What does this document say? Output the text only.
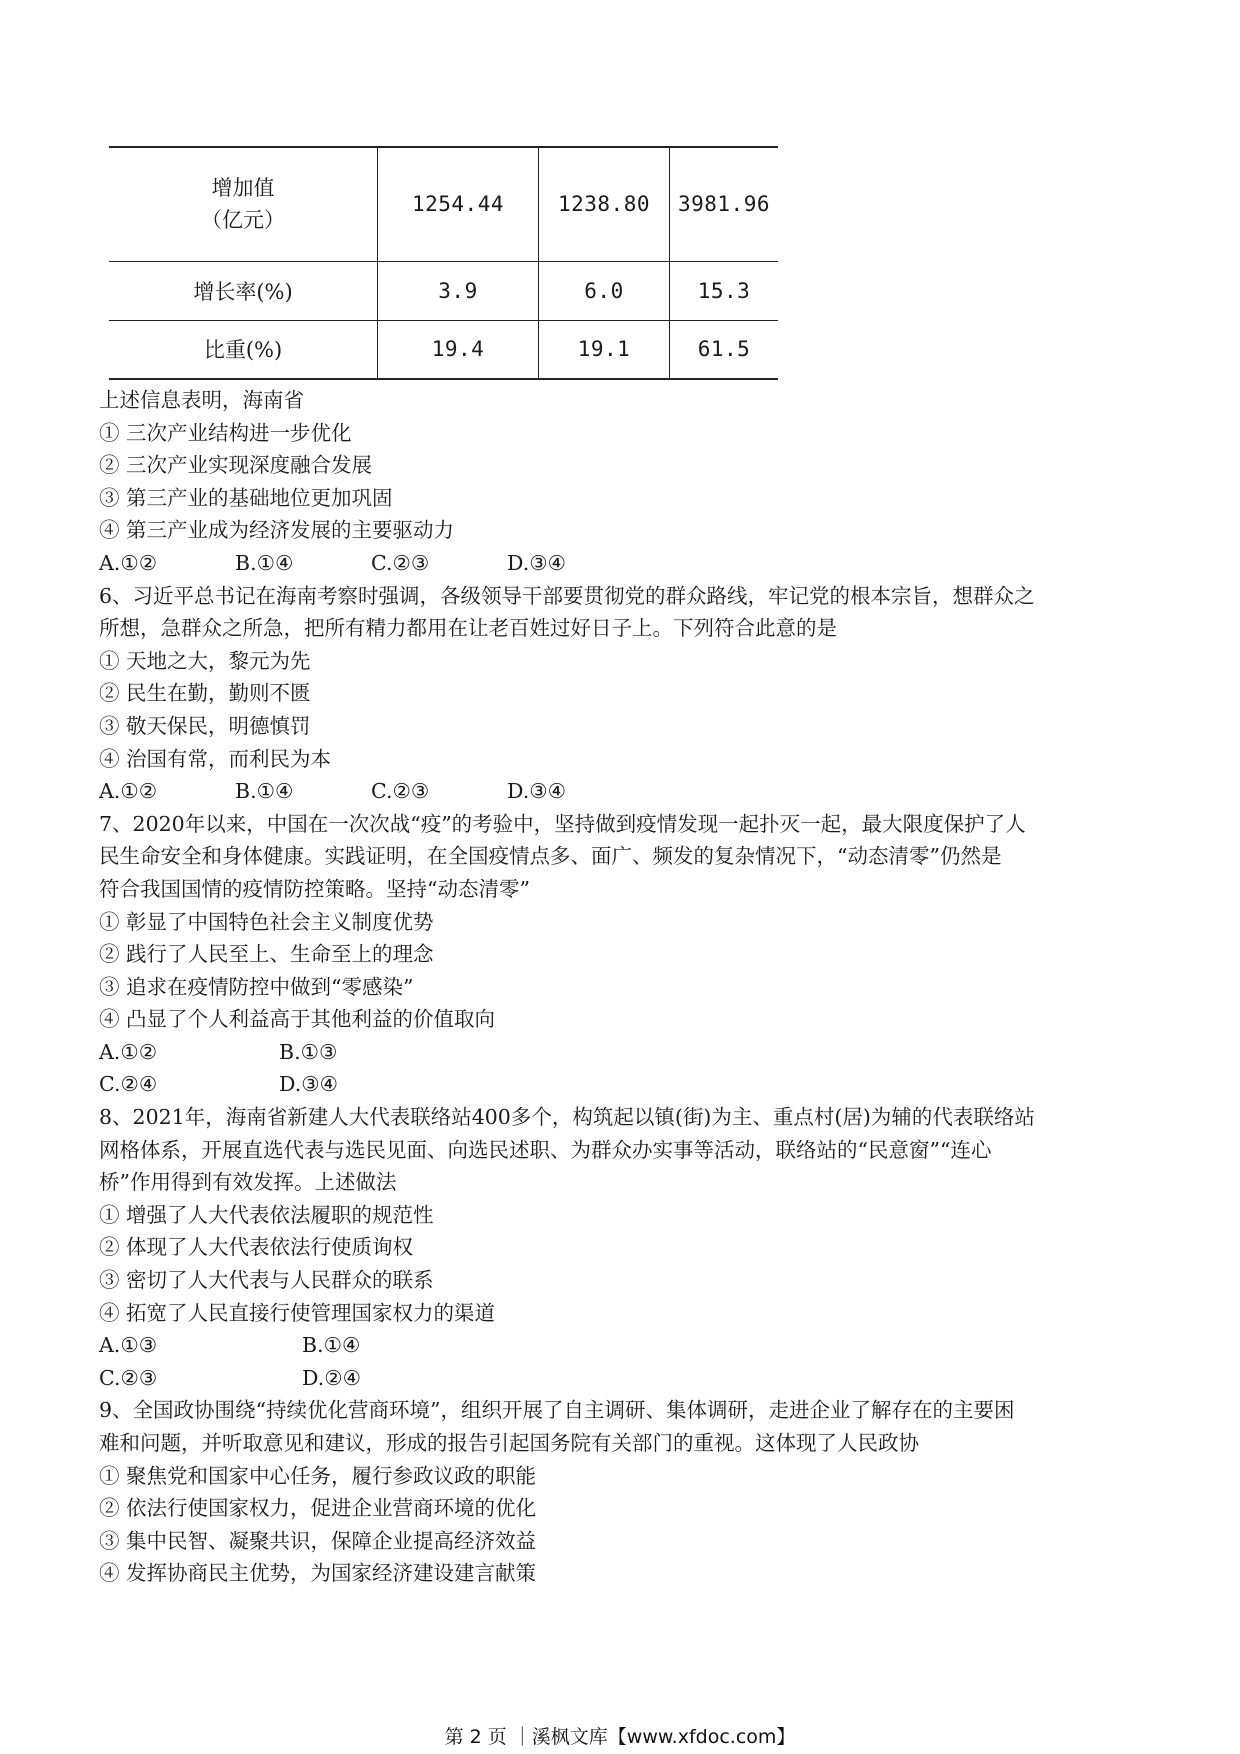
增加值
（亿元）	1254.44	1238.80	3981.96
增长率(%)	3.9	6.0	15.3
比重(%)	19.4	19.1	61.5
上述信息表明，海南省
① 三次产业结构进一步优化
② 三次产业实现深度融合发展
③ 第三产业的基础地位更加巩固
④ 第三产业成为经济发展的主要驱动力
A.①②	B.①④	C.②③	D.③④
6、习近平总书记在海南考察时强调，各级领导干部要贯彻党的群众路线，牢记党的根本宗旨，想群众之
所想，急群众之所急，把所有精力都用在让老百姓过好日子上。下列符合此意的是
① 天地之大，黎元为先
② 民生在勤，勤则不匮
③ 敬天保民，明德慎罚
④ 治国有常，而利民为本
A.①②	B.①④	C.②③	D.③④
7、2020年以来，中国在一次次战“疫”的考验中，坚持做到疫情发现一起扑灭一起，最大限度保护了人
民生命安全和身体健康。实践证明，在全国疫情点多、面广、频发的复杂情况下，“动态清零”仍然是
符合我国国情的疫情防控策略。坚持“动态清零”
① 彰显了中国特色社会主义制度优势
② 践行了人民至上、生命至上的理念
③ 追求在疫情防控中做到“零感染”
④ 凸显了个人利益高于其他利益的价值取向
A.①②	B.①③
C.②④	D.③④
8、2021年，海南省新建人大代表联络站400多个，构筑起以镇(街)为主、重点村(居)为辅的代表联络站
网格体系，开展直选代表与选民见面、向选民述职、为群众办实事等活动，联络站的“民意窗”“连心
桥”作用得到有效发挥。上述做法
① 增强了人大代表依法履职的规范性
② 体现了人大代表依法行使质询权
③ 密切了人大代表与人民群众的联系
④ 拓宽了人民直接行使管理国家权力的渠道
A.①③	B.①④
C.②③	D.②④
9、全国政协围绕“持续优化营商环境”，组织开展了自主调研、集体调研，走进企业了解存在的主要困
难和问题，并听取意见和建议，形成的报告引起国务院有关部门的重视。这体现了人民政协
① 聚焦党和国家中心任务，履行参政议政的职能
② 依法行使国家权力，促进企业营商环境的优化
③ 集中民智、凝聚共识，保障企业提高经济效益
④ 发挥协商民主优势，为国家经济建设建言献策
第 2 页 ｜溪枫文库【www.xfdoc.com】
